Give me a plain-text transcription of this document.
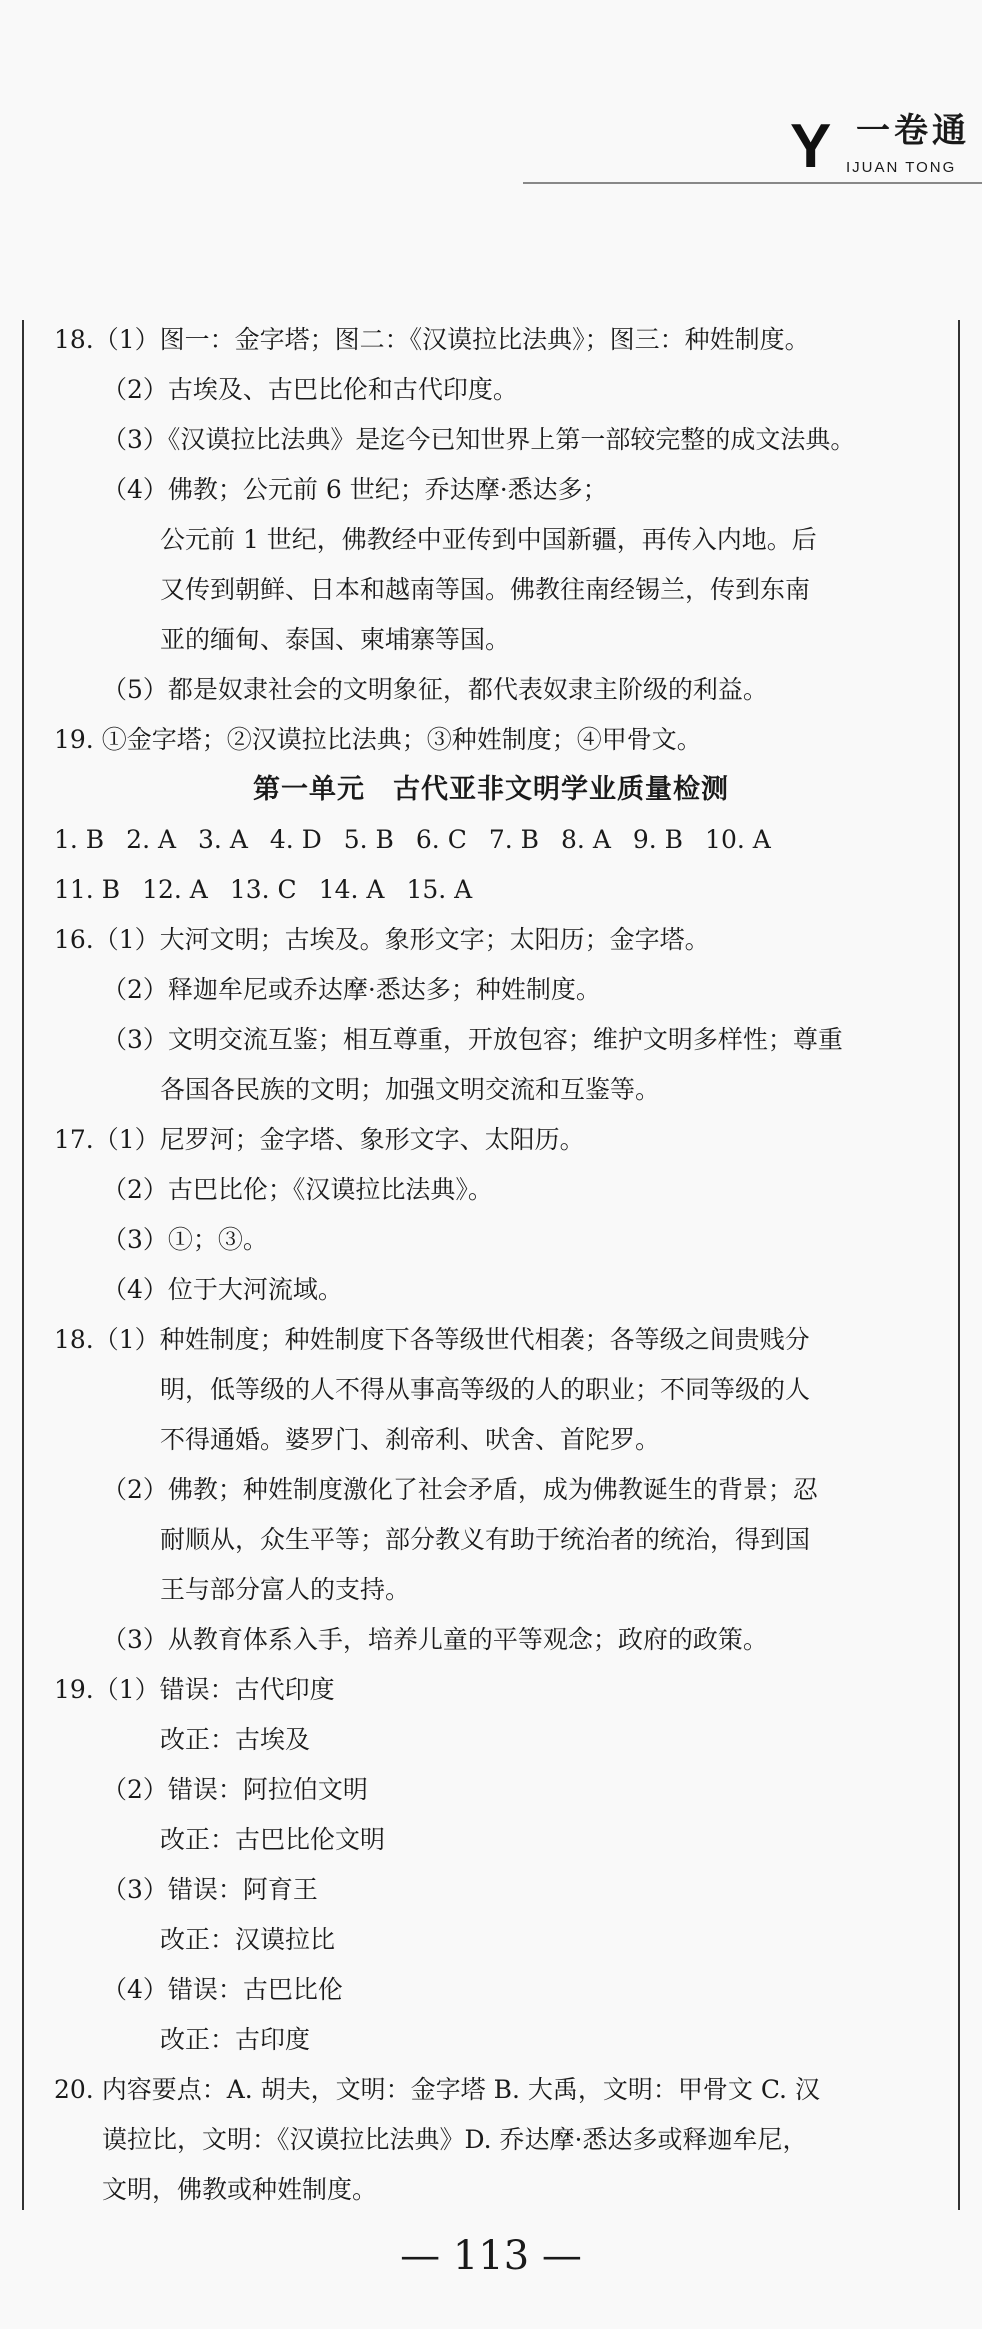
Y 一卷通
IJUAN TONG
18.（1）图一：金字塔；图二：《汉谟拉比法典》；图三：种姓制度。
（2）古埃及、古巴比伦和古代印度。
（3）《汉谟拉比法典》是迄今已知世界上第一部较完整的成文法典。
（4）佛教；公元前 6 世纪；乔达摩·悉达多；
公元前 1 世纪，佛教经中亚传到中国新疆，再传入内地。后
又传到朝鲜、日本和越南等国。佛教往南经锡兰，传到东南
亚的缅甸、泰国、柬埔寨等国。
（5）都是奴隶社会的文明象征，都代表奴隶主阶级的利益。
19. ①金字塔；②汉谟拉比法典；③种姓制度；④甲骨文。
第一单元　古代亚非文明学业质量检测
1. B 2. A 3. A 4. D 5. B 6. C 7. B 8. A 9. B 10. A
11. B 12. A 13. C 14. A 15. A
16.（1）大河文明；古埃及。象形文字；太阳历；金字塔。
（2）释迦牟尼或乔达摩·悉达多；种姓制度。
（3）文明交流互鉴；相互尊重，开放包容；维护文明多样性；尊重
各国各民族的文明；加强文明交流和互鉴等。
17.（1）尼罗河；金字塔、象形文字、太阳历。
（2）古巴比伦；《汉谟拉比法典》。
（3）①；③。
（4）位于大河流域。
18.（1）种姓制度；种姓制度下各等级世代相袭；各等级之间贵贱分
明，低等级的人不得从事高等级的人的职业；不同等级的人
不得通婚。婆罗门、刹帝利、吠舍、首陀罗。
（2）佛教；种姓制度激化了社会矛盾，成为佛教诞生的背景；忍
耐顺从，众生平等；部分教义有助于统治者的统治，得到国
王与部分富人的支持。
（3）从教育体系入手，培养儿童的平等观念；政府的政策。
19.（1）错误：古代印度
改正：古埃及
（2）错误：阿拉伯文明
改正：古巴比伦文明
（3）错误：阿育王
改正：汉谟拉比
（4）错误：古巴比伦
改正：古印度
20. 内容要点：A. 胡夫，文明：金字塔 B. 大禹，文明：甲骨文 C. 汉
谟拉比，文明：《汉谟拉比法典》D. 乔达摩·悉达多或释迦牟尼，
文明，佛教或种姓制度。
— 113 —
